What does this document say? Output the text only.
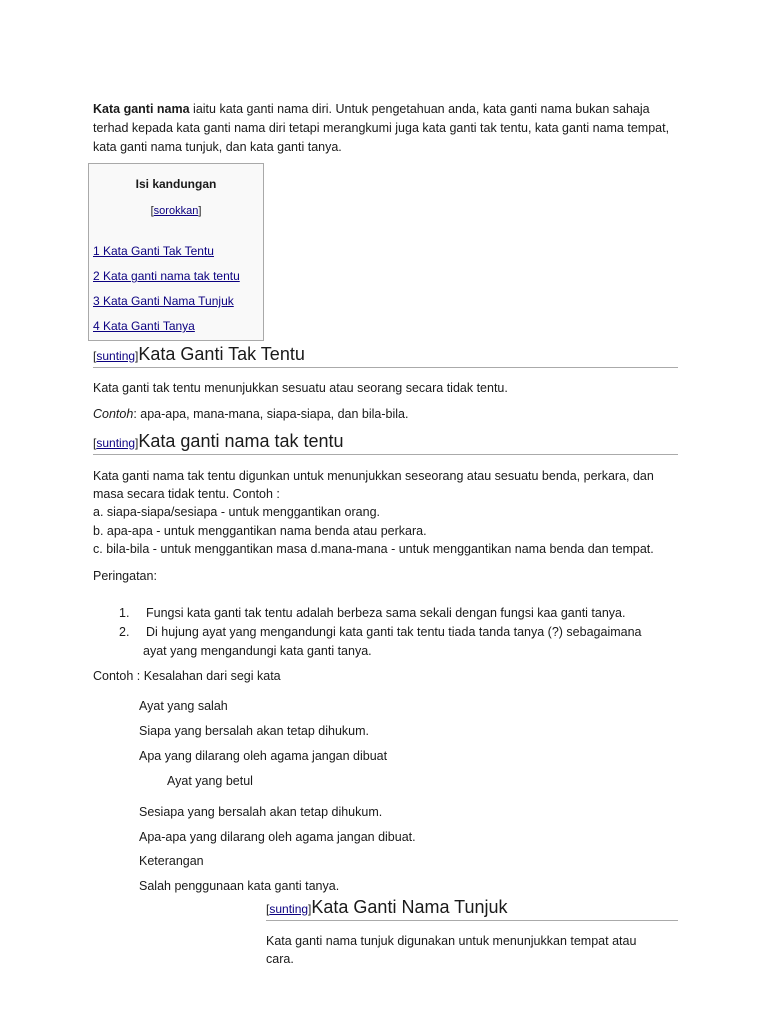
Kata ganti nama iaitu kata ganti nama diri. Untuk pengetahuan anda, kata ganti nama bukan sahaja terhad kepada kata ganti nama diri tetapi merangkumi juga kata ganti tak tentu, kata ganti nama tempat, kata ganti nama tunjuk, dan kata ganti tanya.
Isi kandungan
[sorokkan]
1 Kata Ganti Tak Tentu
2 Kata ganti nama tak tentu
3 Kata Ganti Nama Tunjuk
4 Kata Ganti Tanya
[sunting]Kata Ganti Tak Tentu
Kata ganti tak tentu menunjukkan sesuatu atau seorang secara tidak tentu.
Contoh: apa-apa, mana-mana, siapa-siapa, dan bila-bila.
[sunting]Kata ganti nama tak tentu
Kata ganti nama tak tentu digunkan untuk menunjukkan seseorang atau sesuatu benda, perkara, dan
masa secara tidak tentu. Contoh :
a. siapa-siapa/sesiapa - untuk menggantikan orang.
b. apa-apa - untuk menggantikan nama benda atau perkara.
c. bila-bila - untuk menggantikan masa d.mana-mana - untuk menggantikan nama benda dan tempat.
Peringatan:
1. Fungsi kata ganti tak tentu adalah berbeza sama sekali dengan fungsi kaa ganti tanya.
2. Di hujung ayat yang mengandungi kata ganti tak tentu tiada tanda tanya (?) sebagaimana
ayat yang mengandungi kata ganti tanya.
Contoh : Kesalahan dari segi kata
Ayat yang salah
Siapa yang bersalah akan tetap dihukum.
Apa yang dilarang oleh agama jangan dibuat
Ayat yang betul
Sesiapa yang bersalah akan tetap dihukum.
Apa-apa yang dilarang oleh agama jangan dibuat.
Keterangan
Salah penggunaan kata ganti tanya.
[sunting]Kata Ganti Nama Tunjuk
Kata ganti nama tunjuk digunakan untuk menunjukkan tempat atau
cara.
